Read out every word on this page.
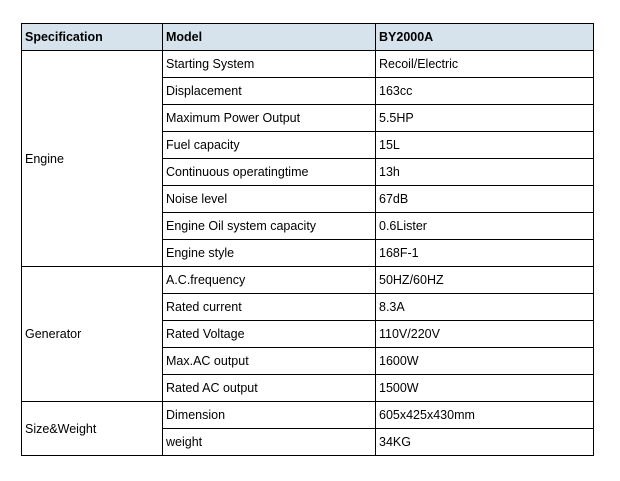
Specification	Model	BY2000A
Engine	Starting System	Recoil/Electric
	Displacement	163cc
	Maximum Power Output	5.5HP
	Fuel capacity	15L
	Continuous operatingtime	13h
	Noise level	67dB
	Engine Oil system capacity	0.6Lister
	Engine style	168F-1
Generator	A.C.frequency	50HZ/60HZ
	Rated current	8.3A
	Rated Voltage	110V/220V
	Max.AC output	1600W
	Rated AC output	1500W
Size&Weight	Dimension	605x425x430mm
	weight	34KG
